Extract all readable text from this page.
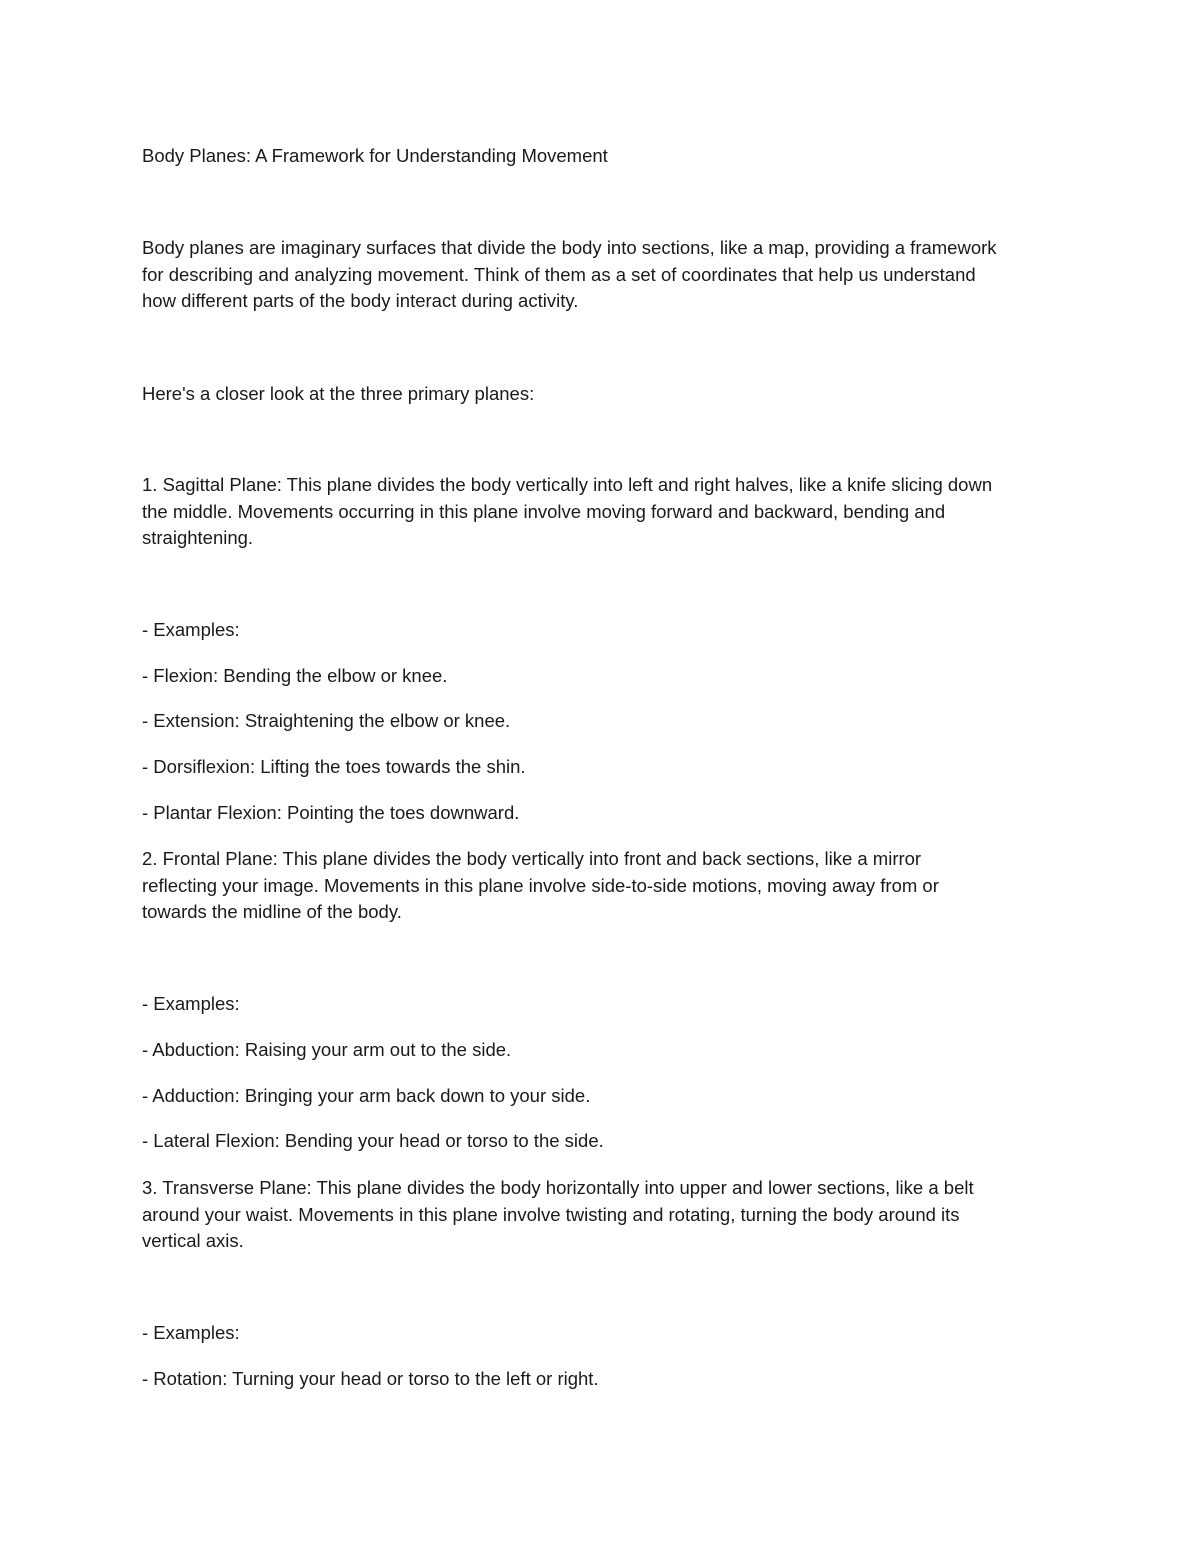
Body Planes: A Framework for Understanding Movement
Body planes are imaginary surfaces that divide the body into sections, like a map, providing a framework
for describing and analyzing movement. Think of them as a set of coordinates that help us understand
how different parts of the body interact during activity.
Here's a closer look at the three primary planes:
1. Sagittal Plane: This plane divides the body vertically into left and right halves, like a knife slicing down
the middle. Movements occurring in this plane involve moving forward and backward, bending and
straightening.
- Examples:
- Flexion: Bending the elbow or knee.
- Extension: Straightening the elbow or knee.
- Dorsiflexion: Lifting the toes towards the shin.
- Plantar Flexion: Pointing the toes downward.
2. Frontal Plane: This plane divides the body vertically into front and back sections, like a mirror
reflecting your image. Movements in this plane involve side-to-side motions, moving away from or
towards the midline of the body.
- Examples:
- Abduction: Raising your arm out to the side.
- Adduction: Bringing your arm back down to your side.
- Lateral Flexion: Bending your head or torso to the side.
3. Transverse Plane: This plane divides the body horizontally into upper and lower sections, like a belt
around your waist. Movements in this plane involve twisting and rotating, turning the body around its
vertical axis.
- Examples:
- Rotation: Turning your head or torso to the left or right.
